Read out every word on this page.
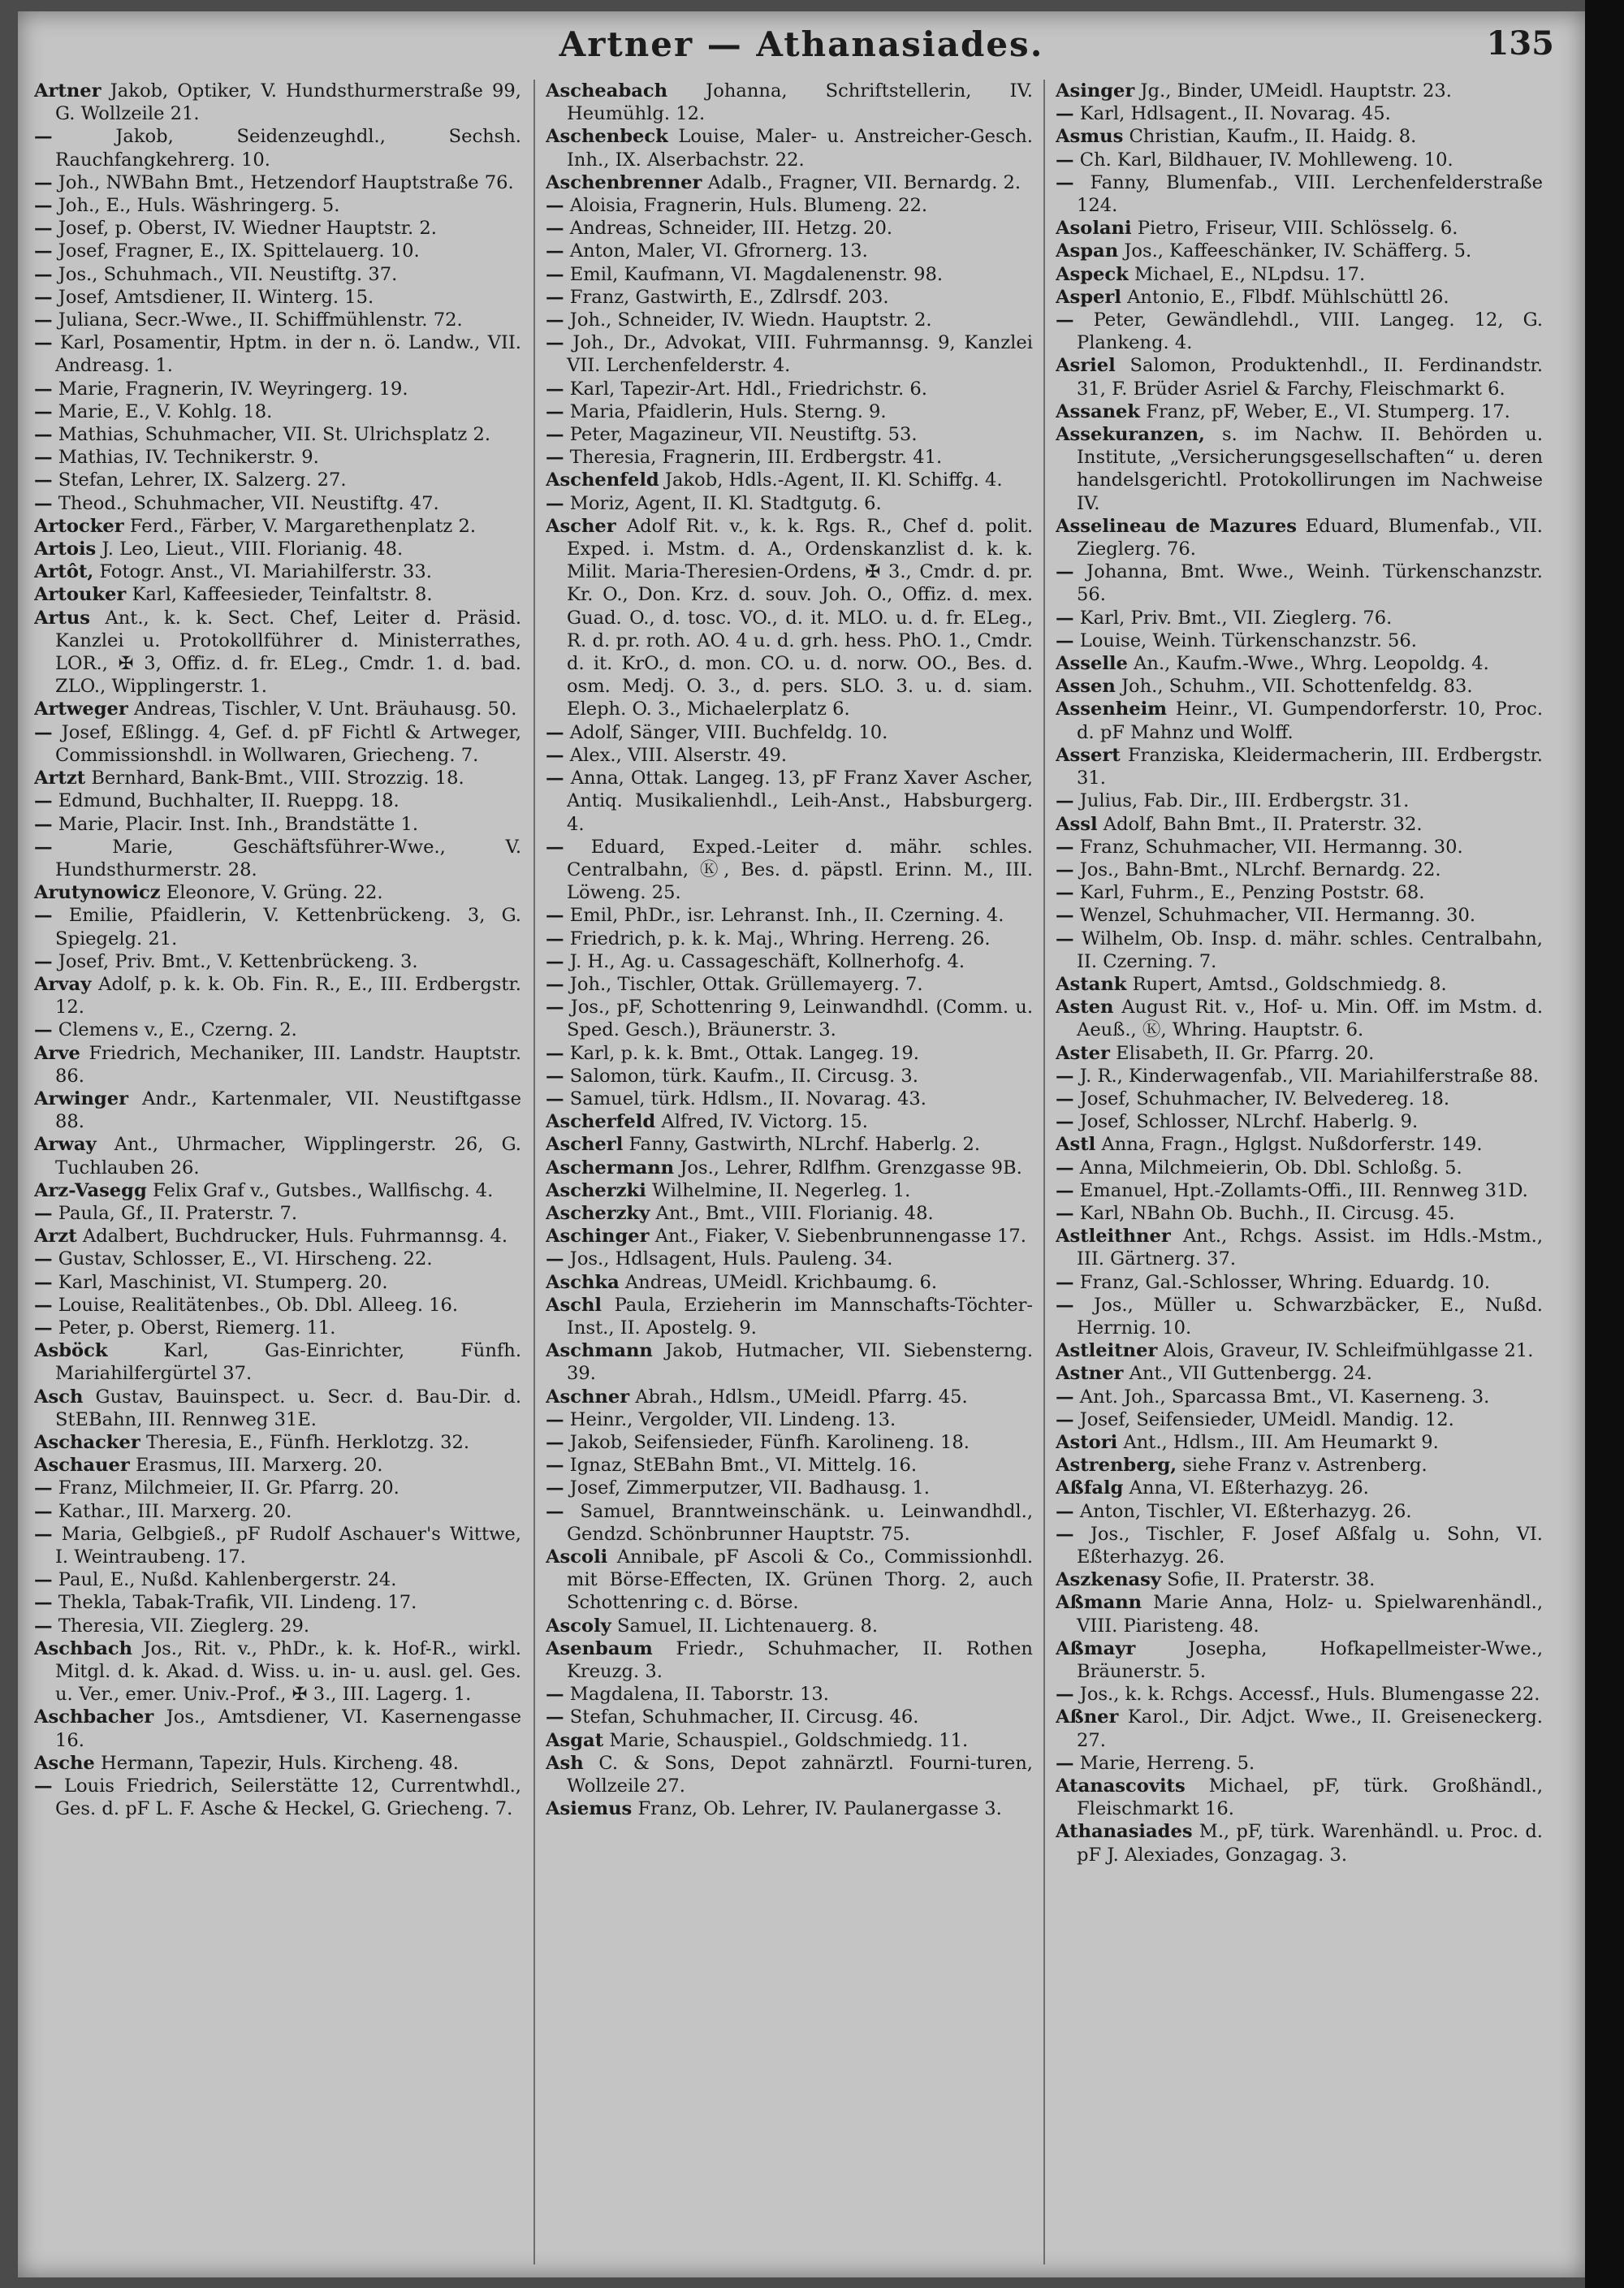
Artner — Athanasiades.	135
Artner Jakob, Optiker, V. Hundsthurmerstraße 99, G. Wollzeile 21.
—	Jakob, Seidenzeughdl., Sechsh. Rauchfangkehrerg. 10.
— Joh., NWBahn Bmt., Hetzendorf Hauptstraße 76.
— Joh., E., Huls. Wäshringerg. 5.
— Josef, p. Oberst, IV. Wiedner Hauptstr. 2.
— Josef, Fragner, E., IX. Spittelauerg. 10.
— Jos., Schuhmach., VII. Neustiftg. 37.
— Josef, Amtsdiener, II. Winterg. 15.
— Juliana, Secr.-Wwe., II. Schiffmühlenstr. 72.
— Karl, Posamentir, Hptm. in der n. ö. Landw., VII. Andreasg. 1.
— Marie, Fragnerin, IV. Weyringerg. 19.
— Marie, E., V. Kohlg. 18.
— Mathias, Schuhmacher, VII. St. Ulrichsplatz 2.
— Mathias, IV. Technikerstr. 9.
— Stefan, Lehrer, IX. Salzerg. 27.
— Theod., Schuhmacher, VII. Neustiftg. 47.
Artocker Ferd., Färber, V. Margarethenplatz 2.
Artois J. Leo, Lieut., VIII. Florianig. 48.
Artôt, Fotogr. Anst., VI. Mariahilferstr. 33.
Artouker Karl, Kaffeesieder, Teinfaltstr. 8.
Artus Ant., k. k. Sect. Chef, Leiter d. Präsid. Kanzlei u. Protokollführer d. Ministerrathes, LOR., ✠ 3, Offiz. d. fr. ELeg., Cmdr. 1. d. bad. ZLO., Wipplingerstr. 1.
Artweger Andreas, Tischler, V. Unt. Bräuhausg. 50.
— Josef, Eßlingg. 4, Gef. d. pF Fichtl & Artweger, Commissionshdl. in Wollwaren, Griecheng. 7.
Artzt Bernhard, Bank-Bmt., VIII. Strozzig. 18.
— Edmund, Buchhalter, II. Rueppg. 18.
— Marie, Placir. Inst. Inh., Brandstätte 1.
—	Marie, Geschäftsführer-Wwe., V. Hundsthurmerstr. 28.
Arutynowicz Eleonore, V. Grüng. 22.
— Emilie, Pfaidlerin, V. Kettenbrückeng. 3, G. Spiegelg. 21.
— Josef, Priv. Bmt., V. Kettenbrückeng. 3.
Arvay Adolf, p. k. k. Ob. Fin. R., E., III. Erdbergstr. 12.
— Clemens v., E., Czerng. 2.
Arve Friedrich, Mechaniker, III. Landstr. Hauptstr. 86.
Arwinger Andr., Kartenmaler, VII. Neustiftgasse 88.
Arway Ant., Uhrmacher, Wipplingerstr. 26, G. Tuchlauben 26.
Arz-Vasegg Felix Graf v., Gutsbes., Wallfischg. 4.
— Paula, Gf., II. Praterstr. 7.
Arzt Adalbert, Buchdrucker, Huls. Fuhrmannsg. 4.
— Gustav, Schlosser, E., VI. Hirscheng. 22.
— Karl, Maschinist, VI. Stumperg. 20.
— Louise, Realitätenbes., Ob. Dbl. Alleeg. 16.
— Peter, p. Oberst, Riemerg. 11.
Asböck	Karl, Gas-Einrichter, Fünfh. Mariahilfergürtel 37.
Asch Gustav, Bauinspect. u. Secr. d. Bau-Dir. d. StEBahn, III. Rennweg 31E.
Aschacker Theresia, E., Fünfh. Herklotzg. 32.
Aschauer Erasmus, III. Marxerg. 20.
— Franz, Milchmeier, II. Gr. Pfarrg. 20.
— Kathar., III. Marxerg. 20.
— Maria, Gelbgieß., pF Rudolf Aschauer's Wittwe, I. Weintraubeng. 17.
— Paul, E., Nußd. Kahlenbergerstr. 24.
— Thekla, Tabak-Trafik, VII. Lindeng. 17.
— Theresia, VII. Zieglerg. 29.
Aschbach Jos., Rit. v., PhDr., k. k. Hof-R., wirkl. Mitgl. d. k. Akad. d. Wiss. u. in- u. ausl. gel. Ges. u. Ver., emer. Univ.-Prof., ✠ 3., III. Lagerg. 1.
Aschbacher Jos., Amtsdiener, VI. Kasernengasse 16.
Asche Hermann, Tapezir, Huls. Kircheng. 48.
— Louis Friedrich, Seilerstätte 12, Currentwhdl., Ges. d. pF L. F. Asche & Heckel, G. Griecheng. 7.
Ascheabach Johanna, Schriftstellerin, IV. Heumühlg. 12.
Aschenbeck Louise, Maler- u. Anstreicher-Gesch. Inh., IX. Alserbachstr. 22.
Aschenbrenner Adalb., Fragner, VII. Bernardg. 2.
— Aloisia, Fragnerin, Huls. Blumeng. 22.
— Andreas, Schneider, III. Hetzg. 20.
— Anton, Maler, VI. Gfrornerg. 13.
— Emil, Kaufmann, VI. Magdalenenstr. 98.
— Franz, Gastwirth, E., Zdlrsdf. 203.
— Joh., Schneider, IV. Wiedn. Hauptstr. 2.
— Joh., Dr., Advokat, VIII. Fuhrmannsg. 9, Kanzlei VII. Lerchenfelderstr. 4.
— Karl, Tapezir-Art. Hdl., Friedrichstr. 6.
— Maria, Pfaidlerin, Huls. Sterng. 9.
— Peter, Magazineur, VII. Neustiftg. 53.
— Theresia, Fragnerin, III. Erdbergstr. 41.
Aschenfeld Jakob, Hdls.-Agent, II. Kl. Schiffg. 4.
— Moriz, Agent, II. Kl. Stadtgutg. 6.
Ascher Adolf Rit. v., k. k. Rgs. R., Chef d. polit. Exped. i. Mstm. d. A., Ordenskanzlist d. k. k. Milit. Maria-Theresien-Ordens, ✠ 3., Cmdr. d. pr. Kr. O., Don. Krz. d. souv. Joh. O., Offiz. d. mex. Guad. O., d. tosc. VO., d. it. MLO. u. d. fr. ELeg., R. d. pr. roth. AO. 4 u. d. grh. hess. PhO. 1., Cmdr. d. it. KrO., d. mon. CO. u. d. norw. OO., Bes. d. osm. Medj. O. 3., d. pers. SLO. 3. u. d. siam. Eleph. O. 3., Michaelerplatz 6.
— Adolf, Sänger, VIII. Buchfeldg. 10.
— Alex., VIII. Alserstr. 49.
— Anna, Ottak. Langeg. 13, pF Franz Xaver Ascher, Antiq. Musikalienhdl., Leih-Anst., Habsburgerg. 4.
— Eduard, Exped.-Leiter d. mähr. schles. Centralbahn, Ⓚ, Bes. d. päpstl. Erinn. M., III. Löweng. 25.
— Emil, PhDr., isr. Lehranst. Inh., II. Czerning. 4.
— Friedrich, p. k. k. Maj., Whring. Herreng. 26.
— J. H., Ag. u. Cassageschäft, Kollnerhofg. 4.
— Joh., Tischler, Ottak. Grüllemayerg. 7.
— Jos., pF, Schottenring 9, Leinwandhdl. (Comm. u. Sped. Gesch.), Bräunerstr. 3.
— Karl, p. k. k. Bmt., Ottak. Langeg. 19.
— Salomon, türk. Kaufm., II. Circusg. 3.
— Samuel, türk. Hdlsm., II. Novarag. 43.
Ascherfeld Alfred, IV. Victorg. 15.
Ascherl Fanny, Gastwirth, NLrchf. Haberlg. 2.
Aschermann Jos., Lehrer, Rdlfhm. Grenzgasse 9B.
Ascherzki Wilhelmine, II. Negerleg. 1.
Ascherzky Ant., Bmt., VIII. Florianig. 48.
Aschinger Ant., Fiaker, V. Siebenbrunnengasse 17.
— Jos., Hdlsagent, Huls. Pauleng. 34.
Aschka Andreas, UMeidl. Krichbaumg. 6.
Aschl Paula, Erzieherin im Mannschafts-Töchter-Inst., II. Apostelg. 9.
Aschmann Jakob, Hutmacher, VII. Siebensterng. 39.
Aschner Abrah., Hdlsm., UMeidl. Pfarrg. 45.
— Heinr., Vergolder, VII. Lindeng. 13.
— Jakob, Seifensieder, Fünfh. Karolineng. 18.
— Ignaz, StEBahn Bmt., VI. Mittelg. 16.
— Josef, Zimmerputzer, VII. Badhausg. 1.
— Samuel, Branntweinschänk. u. Leinwandhdl., Gendzd. Schönbrunner Hauptstr. 75.
Ascoli Annibale, pF Ascoli & Co., Commissionhdl. mit Börse-Effecten, IX. Grünen Thorg. 2, auch Schottenring c. d. Börse.
Ascoly Samuel, II. Lichtenauerg. 8.
Asenbaum Friedr., Schuhmacher, II. Rothen Kreuzg. 3.
— Magdalena, II. Taborstr. 13.
— Stefan, Schuhmacher, II. Circusg. 46.
Asgat Marie, Schauspiel., Goldschmiedg. 11.
Ash C. & Sons, Depot zahnärztl. Fourni-turen, Wollzeile 27.
Asiemus Franz, Ob. Lehrer, IV. Paulanergasse 3.
Asinger Jg., Binder, UMeidl. Hauptstr. 23.
— Karl, Hdlsagent., II. Novarag. 45.
Asmus Christian, Kaufm., II. Haidg. 8.
— Ch. Karl, Bildhauer, IV. Mohlleweng. 10.
— Fanny, Blumenfab., VIII. Lerchenfelderstraße 124.
Asolani Pietro, Friseur, VIII. Schlösselg. 6.
Aspan Jos., Kaffeeschänker, IV. Schäfferg. 5.
Aspeck Michael, E., NLpdsu. 17.
Asperl Antonio, E., Flbdf. Mühlschüttl 26.
— Peter, Gewändlehdl., VIII. Langeg. 12, G. Plankeng. 4.
Asriel Salomon, Produktenhdl., II. Ferdinandstr. 31, F. Brüder Asriel & Farchy, Fleischmarkt 6.
Assanek Franz, pF, Weber, E., VI. Stumperg. 17.
Assekuranzen, s. im Nachw. II. Behörden u. Institute, „Versicherungsgesellschaften“ u. deren handelsgerichtl. Protokollirungen im Nachweise IV.
Asselineau de Mazures Eduard, Blumenfab., VII. Zieglerg. 76.
— Johanna, Bmt. Wwe., Weinh. Türkenschanzstr. 56.
— Karl, Priv. Bmt., VII. Zieglerg. 76.
— Louise, Weinh. Türkenschanzstr. 56.
Asselle An., Kaufm.-Wwe., Whrg. Leopoldg. 4.
Assen Joh., Schuhm., VII. Schottenfeldg. 83.
Assenheim Heinr., VI. Gumpendorferstr. 10, Proc. d. pF Mahnz und Wolff.
Assert Franziska, Kleidermacherin, III. Erdbergstr. 31.
— Julius, Fab. Dir., III. Erdbergstr. 31.
Assl Adolf, Bahn Bmt., II. Praterstr. 32.
— Franz, Schuhmacher, VII. Hermanng. 30.
— Jos., Bahn-Bmt., NLrchf. Bernardg. 22.
— Karl, Fuhrm., E., Penzing Poststr. 68.
— Wenzel, Schuhmacher, VII. Hermanng. 30.
— Wilhelm, Ob. Insp. d. mähr. schles. Centralbahn, II. Czerning. 7.
Astank Rupert, Amtsd., Goldschmiedg. 8.
Asten August Rit. v., Hof- u. Min. Off. im Mstm. d. Aeuß., Ⓚ, Whring. Hauptstr. 6.
Aster Elisabeth, II. Gr. Pfarrg. 20.
— J. R., Kinderwagenfab., VII. Mariahilferstraße 88.
— Josef, Schuhmacher, IV. Belvedereg. 18.
— Josef, Schlosser, NLrchf. Haberlg. 9.
Astl Anna, Fragn., Hglgst. Nußdorferstr. 149.
— Anna, Milchmeierin, Ob. Dbl. Schloßg. 5.
— Emanuel, Hpt.-Zollamts-Offi., III. Rennweg 31D.
— Karl, NBahn Ob. Buchh., II. Circusg. 45.
Astleithner Ant., Rchgs. Assist. im Hdls.-Mstm., III. Gärtnerg. 37.
— Franz, Gal.-Schlosser, Whring. Eduardg. 10.
— Jos., Müller u. Schwarzbäcker, E., Nußd. Herrnig. 10.
Astleitner Alois, Graveur, IV. Schleifmühlgasse 21.
Astner Ant., VII Guttenbergg. 24.
— Ant. Joh., Sparcassa Bmt., VI. Kaserneng. 3.
— Josef, Seifensieder, UMeidl. Mandig. 12.
Astori Ant., Hdlsm., III. Am Heumarkt 9.
Astrenberg, siehe Franz v. Astrenberg.
Aßfalg Anna, VI. Eßterhazyg. 26.
— Anton, Tischler, VI. Eßterhazyg. 26.
— Jos., Tischler, F. Josef Aßfalg u. Sohn, VI. Eßterhazyg. 26.
Aszkenasy Sofie, II. Praterstr. 38.
Aßmann Marie Anna, Holz- u. Spielwarenhändl., VIII. Piaristeng. 48.
Aßmayr	Josepha, Hofkapellmeister-Wwe., Bräunerstr. 5.
— Jos., k. k. Rchgs. Accessf., Huls. Blumengasse 22.
Aßner Karol., Dir. Adjct. Wwe., II. Greiseneckerg. 27.
— Marie, Herreng. 5.
Atanascovits Michael, pF, türk. Großhändl., Fleischmarkt 16.
Athanasiades M., pF, türk. Warenhändl. u. Proc. d. pF J. Alexiades, Gonzagag. 3.
